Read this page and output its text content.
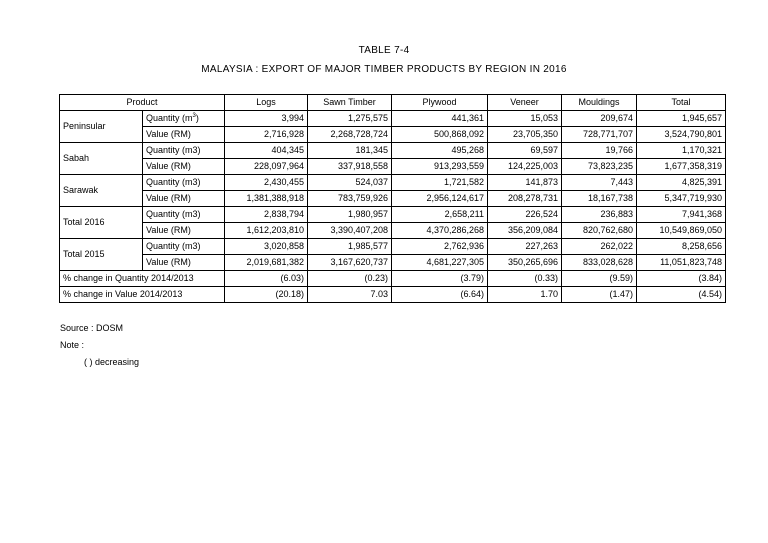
TABLE 7-4
MALAYSIA : EXPORT OF MAJOR TIMBER PRODUCTS BY REGION IN 2016
Product		Logs	Sawn Timber	Plywood	Veneer	Mouldings	Total
Peninsular	Quantity $(m^3)$	3,994	1,275,575	441,361	15,053	209,674	1,945,657
	Value (RM)	2,716,928	2,268,728,724	500,868,092	23,705,350	728,771,707	3,524,790,801
Sabah	Quantity (m3)	404,345	181,345	495,268	69,597	19,766	1,170,321
	Value (RM)	228,097,964	337,918,558	913,293,559	124,225,003	73,823,235	1,677,358,319
Sarawak	Quantity (m3)	2,430,455	524,037	1,721,582	141,873	7,443	4,825,391
	Value (RM)	1,381,388,918	783,759,926	2,956,124,617	208,278,731	18,167,738	5,347,719,930
Total 2016	Quantity (m3)	2,838,794	1,980,957	2,658,211	226,524	236,883	7,941,368
	Value (RM)	1,612,203,810	3,390,407,208	4,370,286,268	356,209,084	820,762,680	10,549,869,050
Total 2015	Quantity (m3)	3,020,858	1,985,577	2,762,936	227,263	262,022	8,258,656
	Value (RM)	2,019,681,382	3,167,620,737	4,681,227,305	350,265,696	833,028,628	11,051,823,748
% change in Quantity 2014/2013		(6.03)	(0.23)	(3.79)	(0.33)	(9.59)	(3.84)
% change in Value 2014/2013		(20.18)	7.03	(6.64)	1.70	(1.47)	(4.54)
Source : DOSM
Note :
( ) decreasing
